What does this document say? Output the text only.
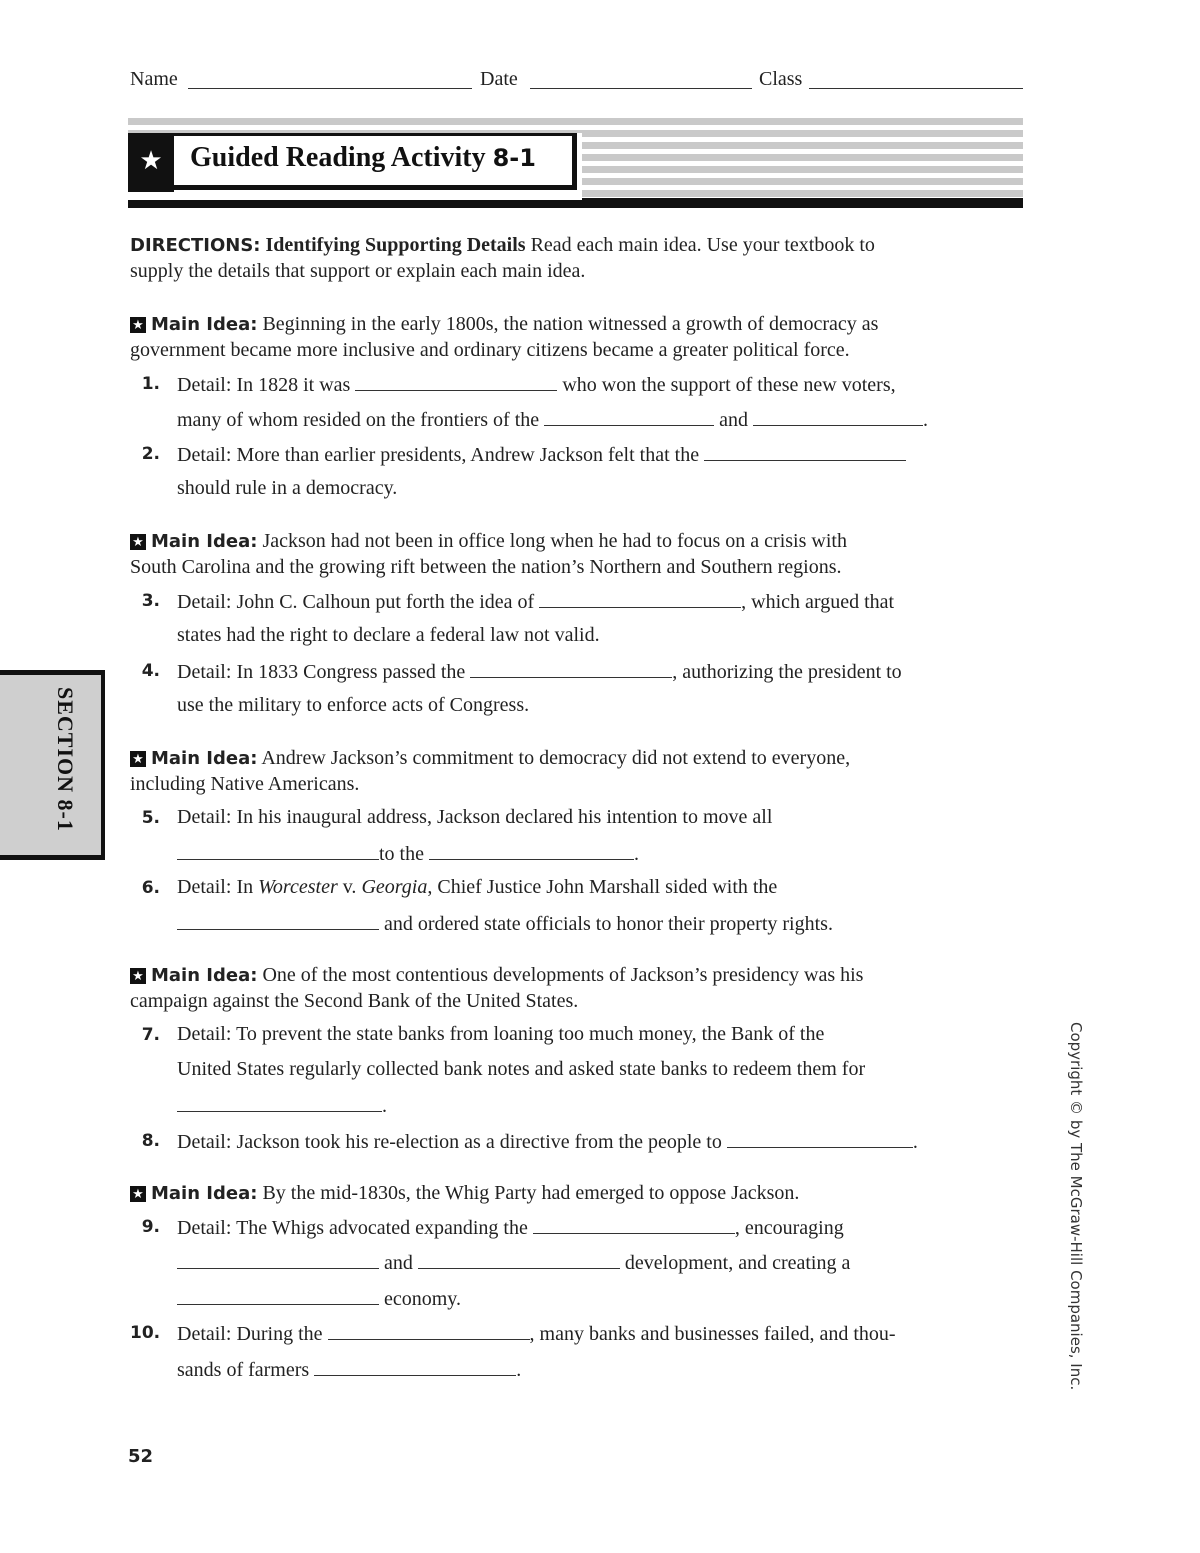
Name	Date	Class
★ Guided Reading Activity 8-1
DIRECTIONS: Identifying Supporting Details Read each main idea. Use your textbook to
supply the details that support or explain each main idea.
★ Main Idea: Beginning in the early 1800s, the nation witnessed a growth of democracy as
government became more inclusive and ordinary citizens became a greater political force.
1. Detail: In 1828 it was	who won the support of these new voters,
many of whom resided on the frontiers of the	and	.
2. Detail: More than earlier presidents, Andrew Jackson felt that the
should rule in a democracy.
★ Main Idea: Jackson had not been in office long when he had to focus on a crisis with
South Carolina and the growing rift between the nation’s Northern and Southern regions.
3. Detail: John C. Calhoun put forth the idea of	, which argued that
states had the right to declare a federal law not valid.
4. Detail: In 1833 Congress passed the	, authorizing the president to
use the military to enforce acts of Congress.
★ Main Idea: Andrew Jackson’s commitment to democracy did not extend to everyone,
including Native Americans.
5. Detail: In his inaugural address, Jackson declared his intention to move all
to the	.
6. Detail: In Worcester v. Georgia, Chief Justice John Marshall sided with the
and ordered state officials to honor their property rights.
★ Main Idea: One of the most contentious developments of Jackson’s presidency was his
campaign against the Second Bank of the United States.
7. Detail: To prevent the state banks from loaning too much money, the Bank of the
United States regularly collected bank notes and asked state banks to redeem them for
.
8. Detail: Jackson took his re-election as a directive from the people to	.
★ Main Idea: By the mid-1830s, the Whig Party had emerged to oppose Jackson.
9. Detail: The Whigs advocated expanding the	, encouraging
and	development, and creating a
economy.
10. Detail: During the	, many banks and businesses failed, and thou-
sands of farmers	.
SECTION 8-1
Copyright © by The McGraw-Hill Companies, Inc.
52
